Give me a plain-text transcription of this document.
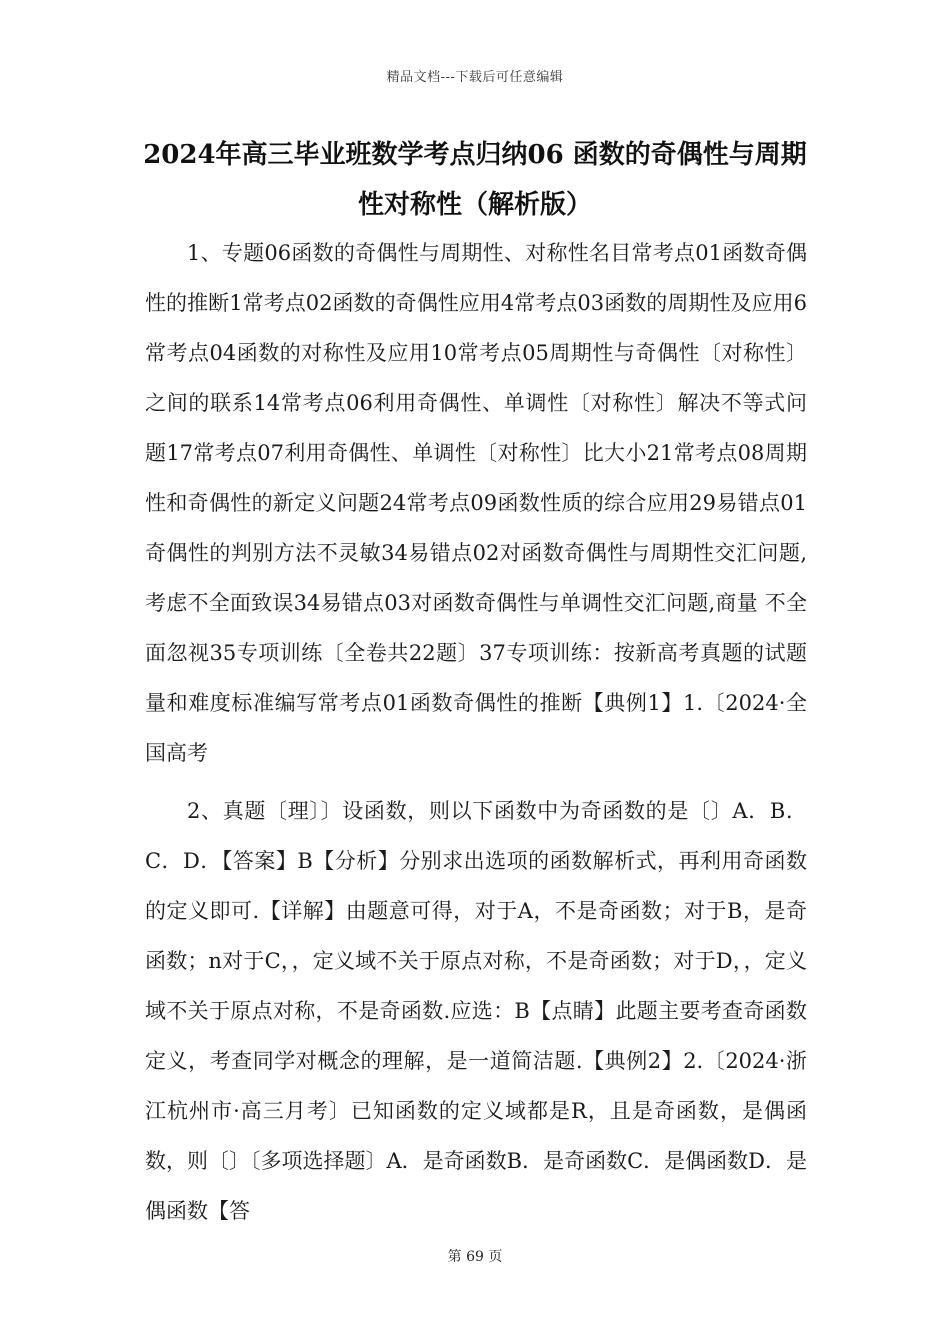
精品文档---下载后可任意编辑
2024年高三毕业班数学考点归纳06 函数的奇偶性与周期性对称性（解析版）

1、专题06函数的奇偶性与周期性、对称性名目常考点01函数奇偶性的推断1常考点02函数的奇偶性应用4常考点03函数的周期性及应用6常考点04函数的对称性及应用10常考点05周期性与奇偶性〔对称性〕之间的联系14常考点06利用奇偶性、单调性〔对称性〕解决不等式问题17常考点07利用奇偶性、单调性〔对称性〕比大小21常考点08周期性和奇偶性的新定义问题24常考点09函数性质的综合应用29易错点01奇偶性的判别方法不灵敏34易错点02对函数奇偶性与周期性交汇问题,考虑不全面致误34易错点03对函数奇偶性与单调性交汇问题,商量 不全面忽视35专项训练〔全卷共22题〕37专项训练：按新高考真题的试题量和难度标准编写常考点01函数奇偶性的推断【典例1】1.〔2024·全国高考

2、真题〔理〕〕设函数，则以下函数中为奇函数的是〔〕A．B．C．D．【答案】B【分析】分别求出选项的函数解析式，再利用奇函数的定义即可.【详解】由题意可得，对于A，不是奇函数；对于B，是奇函数；n对于C，，定义域不关于原点对称，不是奇函数；对于D，，定义域不关于原点对称，不是奇函数.应选：B【点睛】此题主要考查奇函数定义，考查同学对概念的理解，是一道简洁题.【典例2】2.〔2024·浙江杭州市·高三月考〕已知函数的定义域都是R，且是奇函数，是偶函数，则〔〕〔多项选择题〕A．是奇函数B．是奇函数C．是偶函数D．是偶函数【答

第 69 页
